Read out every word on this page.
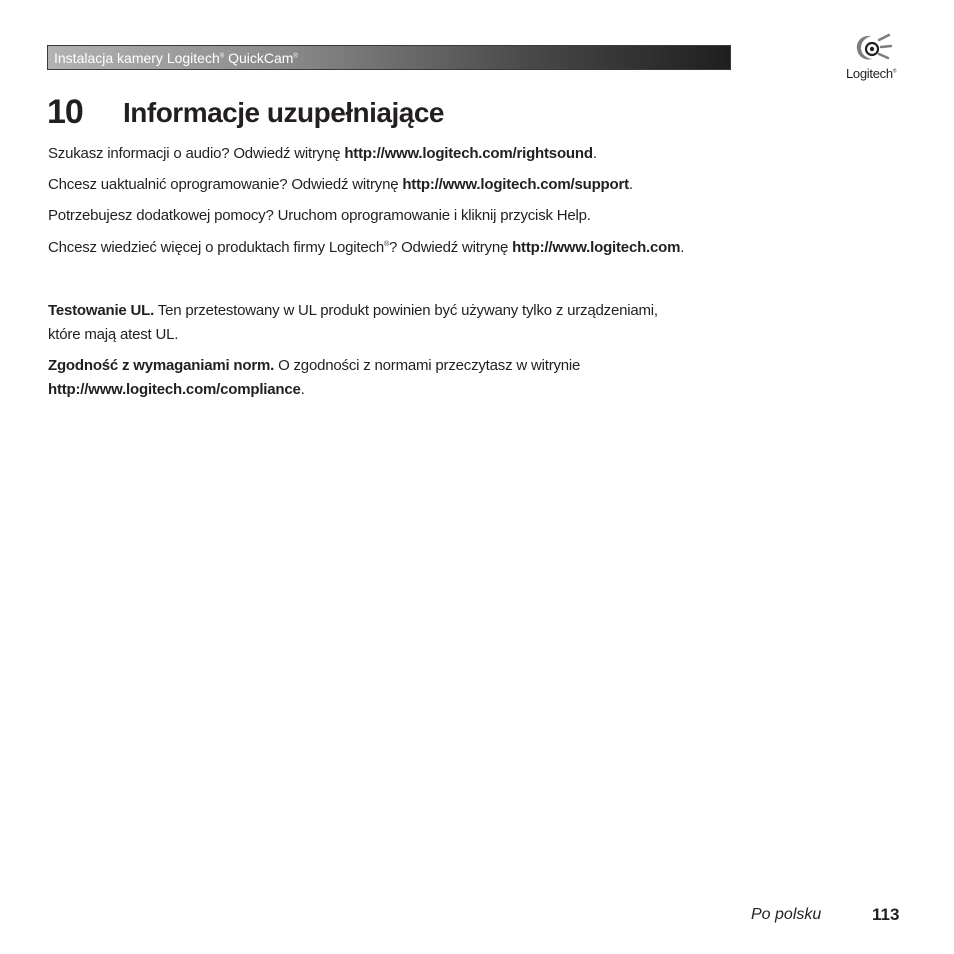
Instalacja kamery Logitech® QuickCam®
Logitech®
10 Informacje uzupełniające
Szukasz informacji o audio? Odwiedź witrynę http://www.logitech.com/rightsound.
Chcesz uaktualnić oprogramowanie? Odwiedź witrynę http://www.logitech.com/support.
Potrzebujesz dodatkowej pomocy? Uruchom oprogramowanie i kliknij przycisk Help.
Chcesz wiedzieć więcej o produktach firmy Logitech®? Odwiedź witrynę http://www.logitech.com.
Testowanie UL. Ten przetestowany w UL produkt powinien być używany tylko z urządzeniami,
które mają atest UL.
Zgodność z wymaganiami norm. O zgodności z normami przeczytasz w witrynie
http://www.logitech.com/compliance.
Po polsku	113
